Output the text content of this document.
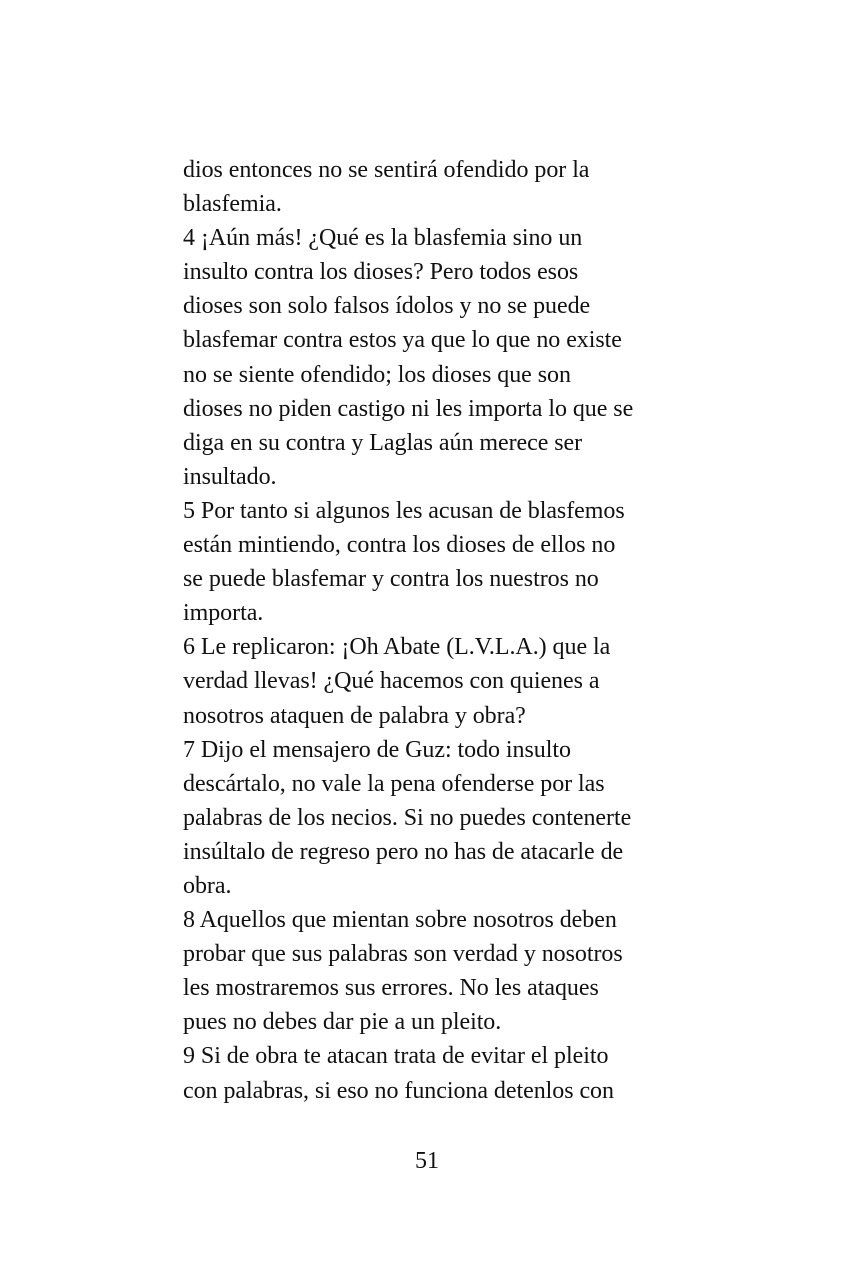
dios entonces no se sentirá ofendido por la
blasfemia.
4 ¡Aún más! ¿Qué es la blasfemia sino un
insulto contra los dioses? Pero todos esos
dioses son solo falsos ídolos y no se puede
blasfemar contra estos ya que lo que no existe
no se siente ofendido; los dioses que son
dioses no piden castigo ni les importa lo que se
diga en su contra y Laglas aún merece ser
insultado.
5 Por tanto si algunos les acusan de blasfemos
están mintiendo, contra los dioses de ellos no
se puede blasfemar y contra los nuestros no
importa.
6 Le replicaron: ¡Oh Abate (L.V.L.A.) que la
verdad llevas! ¿Qué hacemos con quienes a
nosotros ataquen de palabra y obra?
7 Dijo el mensajero de Guz: todo insulto
descártalo, no vale la pena ofenderse por las
palabras de los necios. Si no puedes contenerte
insúltalo de regreso pero no has de atacarle de
obra.
8 Aquellos que mientan sobre nosotros deben
probar que sus palabras son verdad y nosotros
les mostraremos sus errores. No les ataques
pues no debes dar pie a un pleito.
9 Si de obra te atacan trata de evitar el pleito
con palabras, si eso no funciona detenlos con
51
